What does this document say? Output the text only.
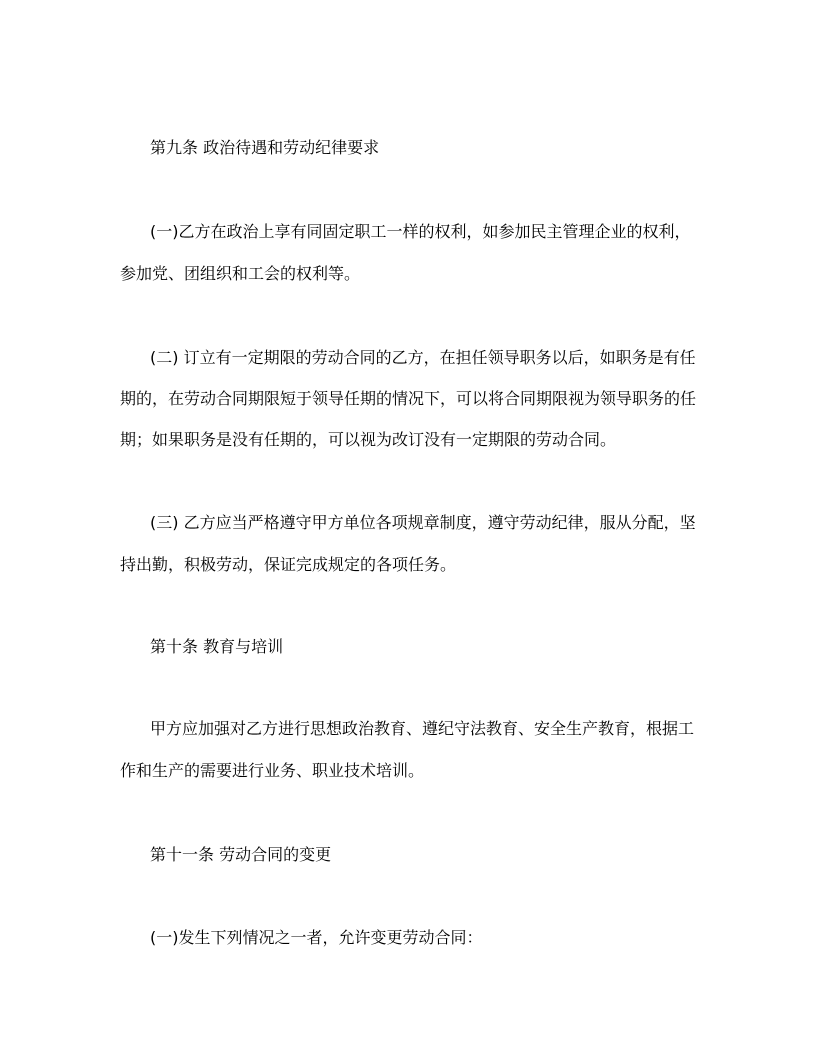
第九条 政治待遇和劳动纪律要求

(一)乙方在政治上享有同固定职工一样的权利，如参加民主管理企业的权利，

参加党、团组织和工会的权利等。

(二) 订立有一定期限的劳动合同的乙方，在担任领导职务以后，如职务是有任

期的，在劳动合同期限短于领导任期的情况下，可以将合同期限视为领导职务的任

期；如果职务是没有任期的，可以视为改订没有一定期限的劳动合同。

(三) 乙方应当严格遵守甲方单位各项规章制度，遵守劳动纪律，服从分配，坚

持出勤，积极劳动，保证完成规定的各项任务。

第十条 教育与培训

甲方应加强对乙方进行思想政治教育、遵纪守法教育、安全生产教育，根据工

作和生产的需要进行业务、职业技术培训。

第十一条 劳动合同的变更

(一)发生下列情况之一者，允许变更劳动合同：
